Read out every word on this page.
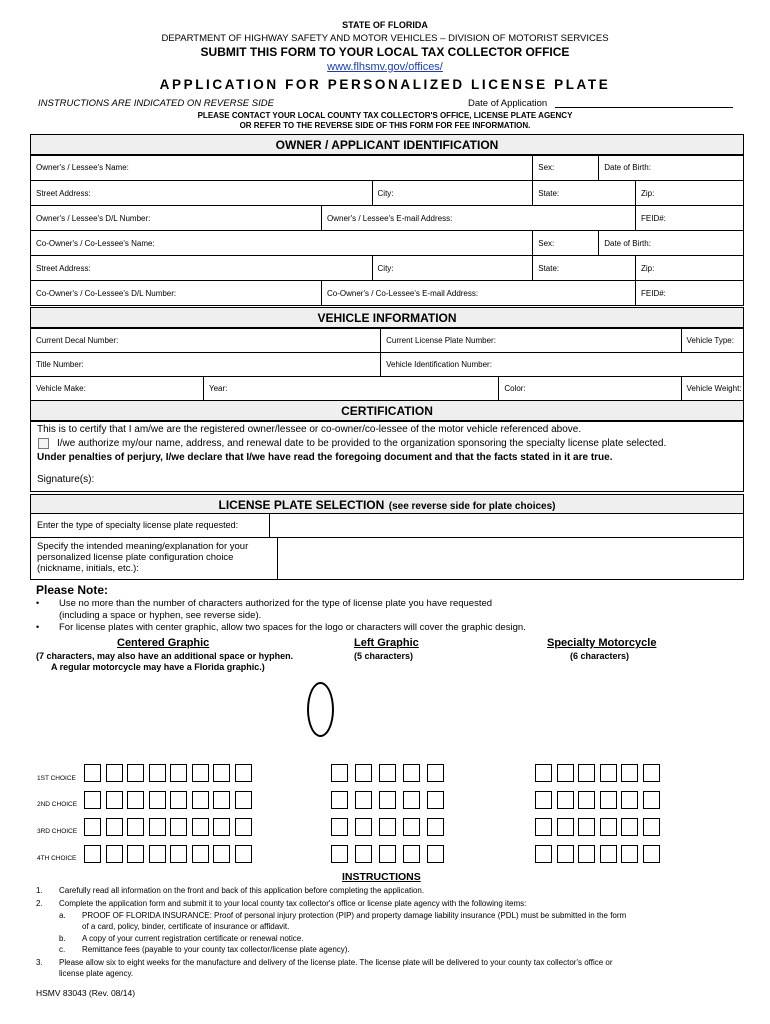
STATE OF FLORIDA
DEPARTMENT OF HIGHWAY SAFETY AND MOTOR VEHICLES – DIVISION OF MOTORIST SERVICES
SUBMIT THIS FORM TO YOUR LOCAL TAX COLLECTOR OFFICE
www.flhsmv.gov/offices/
APPLICATION FOR PERSONALIZED LICENSE PLATE
INSTRUCTIONS ARE INDICATED ON REVERSE SIDE	Date of Application
PLEASE CONTACT YOUR LOCAL COUNTY TAX COLLECTOR'S OFFICE, LICENSE PLATE AGENCY
OR REFER TO THE REVERSE SIDE OF THIS FORM FOR FEE INFORMATION.
OWNER / APPLICANT IDENTIFICATION
Owner's / Lessee's Name:			Sex:	Date of Birth:	
Street Address:		City:	State:		Zip:
Owner's / Lessee's D/L Number:	Owner's / Lessee's E-mail Address:				FEID#:
Co-Owner's / Co-Lessee's Name:			Sex:	Date of Birth:	
Street Address:		City:	State:		Zip:
Co-Owner's / Co-Lessee's D/L Number:	Co-Owner's / Co-Lessee's E-mail Address:				FEID#:
VEHICLE INFORMATION
Current Decal Number:		Current License Plate Number:		Vehicle Type:
Title Number:		Vehicle Identification Number:		
Vehicle Make:	Year:		Color:	Vehicle Weight:
CERTIFICATION
This is to certify that I am/we are the registered owner/lessee or co-owner/co-lessee of the motor vehicle referenced above.
I/we authorize my/our name, address, and renewal date to be provided to the organization sponsoring the specialty license plate selected.
Under penalties of perjury, I/we declare that I/we have read the foregoing document and that the facts stated in it are true.
Signature(s):
LICENSE PLATE SELECTION (see reverse side for plate choices)
Enter the type of specialty license plate requested:
Specify the intended meaning/explanation for your
personalized license plate configuration choice
(nickname, initials, etc.):
Please Note:
• Use no more than the number of characters authorized for the type of license plate you have requested
(including a space or hyphen, see reverse side).
• For license plates with center graphic, allow two spaces for the logo or characters will cover the graphic design.
Centered Graphic
(7 characters, may also have an additional space or hyphen.
A regular motorcycle may have a Florida graphic.)
Left Graphic
(5 characters)
Specialty Motorcycle
(6 characters)
1ST CHOICE
2ND CHOICE
3RD CHOICE
4TH CHOICE
INSTRUCTIONS
1. Carefully read all information on the front and back of this application before completing the application.
2. Complete the application form and submit it to your local county tax collector's office or license plate agency with the following items:
a. PROOF OF FLORIDA INSURANCE: Proof of personal injury protection (PIP) and property damage liability insurance (PDL) must be submitted in the form
of a card, policy, binder, certificate of insurance or affidavit.
b. A copy of your current registration certificate or renewal notice.
c. Remittance fees (payable to your county tax collector/license plate agency).
3. Please allow six to eight weeks for the manufacture and delivery of the license plate. The license plate will be delivered to your county tax collector's office or
license plate agency.
HSMV 83043 (Rev. 08/14)
